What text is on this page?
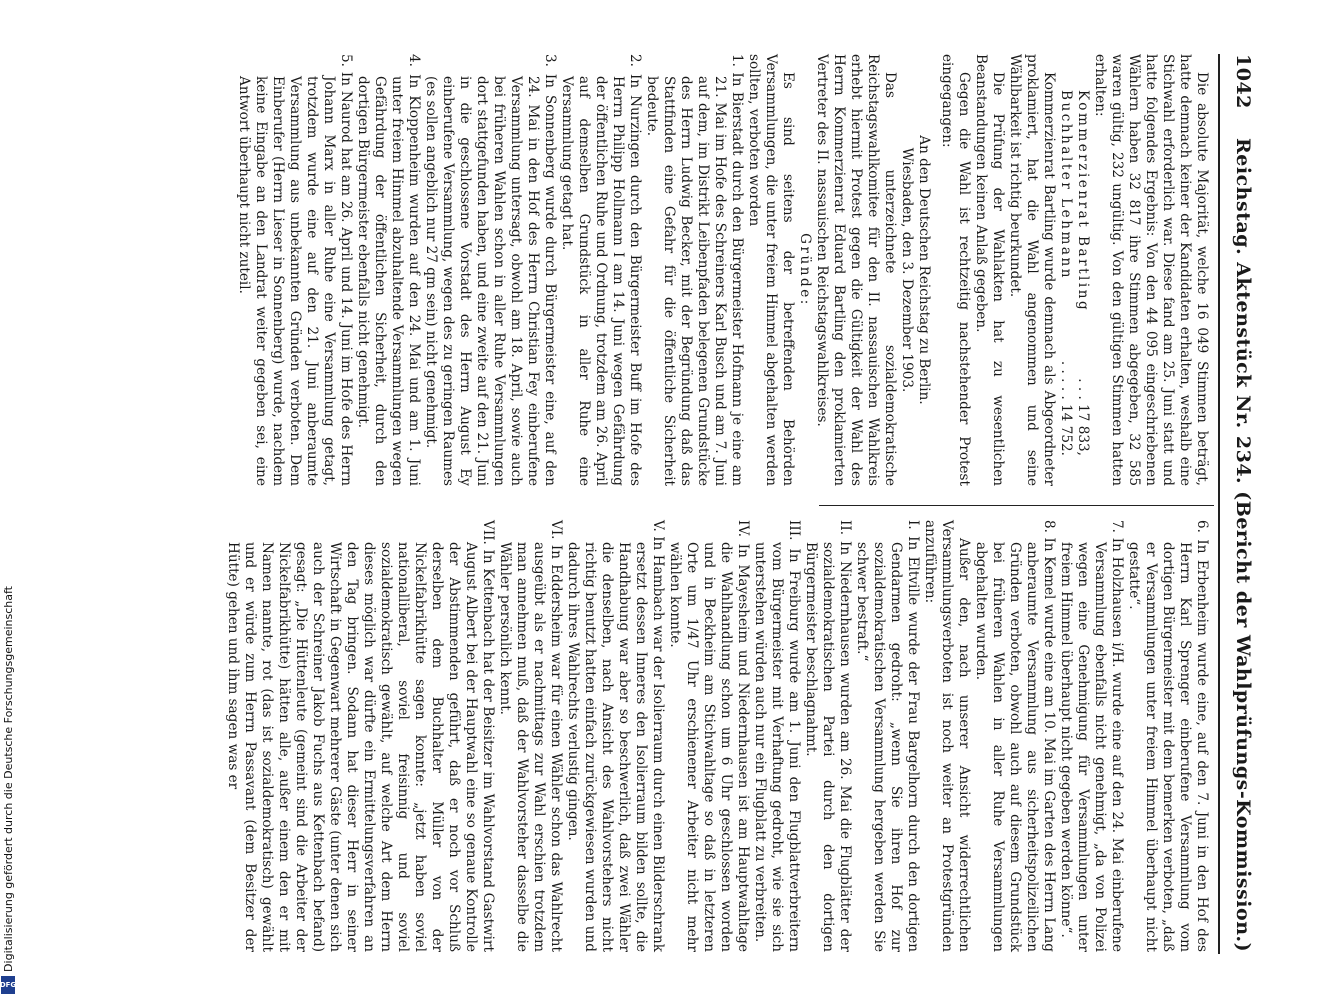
1042 Reichstag. Aktenstück Nr. 234. (Bericht der Wahlprüfungs-Kommission.)

Die absolute Majorität, welche 16 049 Stimmen beträgt, hatte demnach keiner der Kandidaten erhalten, weshalb eine Stichwahl erforderlich war. Diese fand am 25. Juni statt und hatte folgendes Ergebnis: Von den 44 095 eingeschriebenen Wählern haben 32 817 ihre Stimmen abgegeben, 32 585 waren gültig, 232 ungültig. Von den gültigen Stimmen hatten erhalten:

Kommerzienrat Bartling
. . . 17 833,
Buchhalter Lehmann
. . . . . 14 752.

Kommerzienrat Bartling wurde demnach als Abgeordneter proklamiert, hat die Wahl angenommen und seine Wählbarkeit ist richtig beurkundet.

Die Prüfung der Wahlakten hat zu wesentlichen Beanstandungen keinen Anlaß gegeben.

Gegen die Wahl ist rechtzeitig nachstehender Protest eingegangen:

An den Deutschen Reichstag zu Berlin.

Wiesbaden, den 3. Dezember 1903.

Das unterzeichnete sozialdemokratische Reichstagswahlkomitee für den II. nassauischen Wahlkreis erhebt hiermit Protest gegen die Gültigkeit der Wahl des Herrn Kommerzienrat Eduard Bartling den proklamierten Vertreter des II. nassauischen Reichstagswahlkreises.

Gründe:

Es sind seitens der betreffenden Behörden Versammlungen, die unter freiem Himmel abgehalten werden sollten, verboten worden

1. In Bierstadt durch den Bürgermeister Hofmann je eine am 21. Mai im Hofe des Schreiners Karl Busch und am 7. Juni auf dem, im Distrikt Leibenpfaden belegenen Grundstücke des Herrn Ludwig Becker, mit der Begründung daß das Stattfinden eine Gefahr für die öffentliche Sicherheit bedeute.

2. In Nurzingen durch den Bürgermeister Buff im Hofe des Herrn Philipp Hollmann I am 14. Juni wegen Gefährdung der öffentlichen Ruhe und Ordnung, trotzdem am 26. April auf demselben Grundstück in aller Ruhe eine Versammlung getagt hat.

3. In Sonnenberg wurde durch Bürgermeister eine, auf den 24. Mai in den Hof des Herrn Christian Fey einberufene Versammlung untersagt, obwohl am 18. April, sowie auch bei früheren Wahlen schon in aller Ruhe Versammlungen dort stattgefunden haben, und eine zweite auf den 21. Juni in die geschlossene Vorstadt des Herrn August Ey einberufene Versammlung, wegen des zu geringen Raumes (es sollen angeblich nur 27 qm sein) nicht genehmigt.

4. In Kloppenheim wurden auf den 24. Mai und am 1. Juni unter freiem Himmel abzuhaltende Versammlungen wegen Gefährdung der öffentlichen Sicherheit, durch den dortigen Bürgermeister ebenfalls nicht genehmigt.

5. In Naurod hat am 26. April und 14. Juni im Hofe des Herrn Johann Marx in aller Ruhe eine Versammlung getagt, trotzdem wurde eine auf den 21. Juni anberaumte Versammlung aus unbekannten Gründen verboten. Dem Einberufer (Herrn Lieser in Sonnenberg) wurde, nachdem keine Eingabe an den Landrat weiter gegeben sei, eine Antwort überhaupt nicht zuteil.

6. In Erbenheim wurde eine, auf den 7. Juni in den Hof des Herrn Karl Sprenger einberufene Versammlung vom dortigen Bürgermeister mit dem bemerken verboten, „daß er Versammlungen unter freiem Himmel überhaupt nicht gestatte“.

7. In Holzhausen i/H. wurde eine auf den 24. Mai einberufene Versammlung ebenfalls nicht genehmigt, „da von Polizei wegen eine Genehmigung für Versammlungen unter freiem Himmel überhaupt nicht gegeben werden könne“.

8. In Kemel wurde eine am 10. Mai im Garten des Herrn Lang anberaumte Versammlung aus sicherheitspolizeilichen Gründen verboten, obwohl auch auf diesem Grundstück bei früheren Wahlen in aller Ruhe Versammlungen abgehalten wurden.

Außer den, nach unserer Ansicht widerrechtlichen Versammlungsverboten ist noch weiter an Protestgründen anzuführen:

I. In Eltville wurde der Frau Bargelhorn durch den dortigen Gendarmen gedroht: „wenn Sie ihren Hof zur sozialdemokratischen Versammlung hergeben werden Sie schwer bestraft.“

II. In Niedernhausen wurden am 26. Mai die Flugblätter der sozialdemokratischen Partei durch den dortigen Bürgermeister beschlagnahmt.

III. In Freiburg wurde am 1. Juni den Flugblattverbreitern vom Bürgermeister mit Verhaftung gedroht, wie sie sich unterstehen würden auch nur ein Flugblatt zu verbreiten.

IV. In Mayesheim und Niedernhausen ist am Hauptwahltage die Wahlhandlung schon um 6 Uhr geschlossen worden und in Beckheim am Stichwahltage so daß in letzteren Orte um 1/47 Uhr erschienener Arbeiter nicht mehr wählen konnte.

V. In Hambach war der Isolierraum durch einen Bilderschrank ersetzt dessen Inneres den Isolierraum bilden sollte, die Handhabung war aber so beschwerlich, daß zwei Wähler die denselben, nach Ansicht des Wahlvorstehers nicht richtig benutzt hatten einfach zurückgewiesen wurden und dadurch ihres Wahlrechts verlustig gingen.

VI. In Eddersheim war für einen Wähler schon das Wahlrecht ausgeübt als er nachmittags zur Wahl erschien trotzdem man annehmen muß, daß der Wahlvorsteher dasselbe die Wähler persönlich kennt.

VII. In Kettenbach hat der Beisitzer im Wahlvorstand Gastwirt August Albert bei der Hauptwahl eine so genaue Kontrolle der Abstimmenden geführt, daß er noch vor Schluß derselben dem Buchhalter Müller von der Nickelfabrikhütte sagen konnte: „jetzt haben soviel nationalliberal, soviel freisinnig und soviel sozialdemokratisch gewählt, auf welche Art dem Herrn dieses möglich war dürfte ein Ermittelungsverfahren an den Tag bringen. Sodann hat dieser Herr in seiner Wirtschaft in Gegenwart mehrerer Gäste (unter denen sich auch der Schreiner Jakob Fuchs aus Kettenbach befand) gesagt: „Die Hüttenleute (gemeint sind die Arbeiter der Nickelfabrikhütte) hätten alle, außer einem den er mit Namen nannte, rot (das ist sozialdemokratisch) gewählt und er würde zum Herrn Passavant (dem Besitzer der Hütte) gehen und ihm sagen was er

Digitalisierung gefördert durch die Deutsche Forschungsgemeinschaft
DFG
